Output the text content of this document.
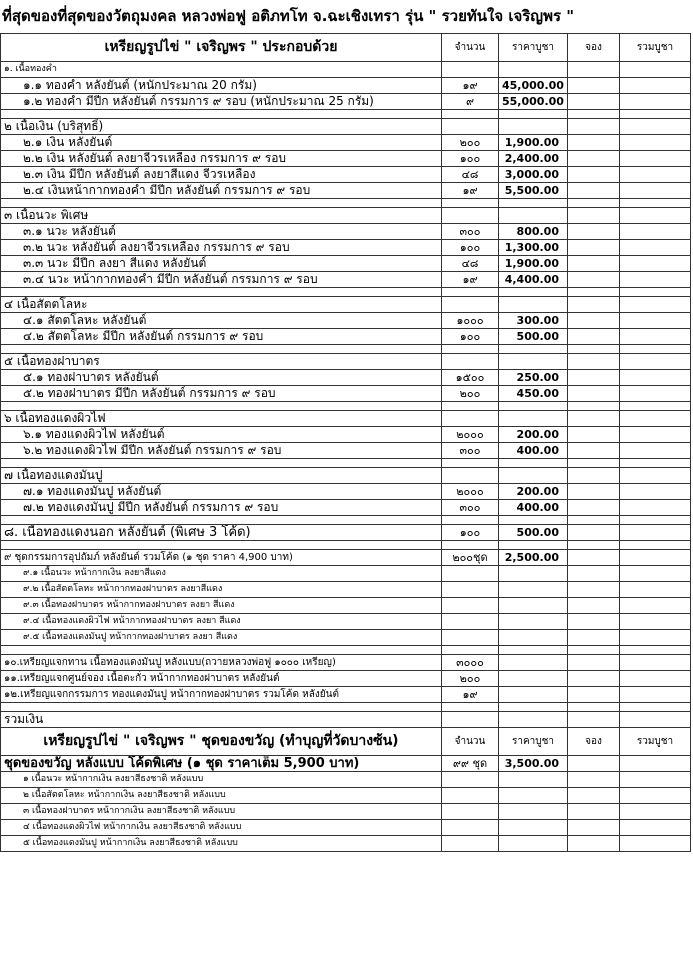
ที่สุดของที่สุดของวัตถุมงคล หลวงพ่อฟู อติภทโท จ.ฉะเชิงเทรา รุ่น " รวยทันใจ เจริญพร "
เหรียญรูปไข่ " เจริญพร " ประกอบด้วย	จำนวน	ราคาบูชา	จอง	รวมบูชา
๑. เนื้อทองคำ				
๑.๑ ทองคำ หลังยันต์ (หนักประมาณ 20 กรัม)	๑๙	45,000.00		
๑.๒ ทองคำ มีปีก หลังยันต์ กรรมการ ๙ รอบ (หนักประมาณ 25 กรัม)	๙	55,000.00		

๒ เนื้อเงิน (บริสุทธิ์)				
๒.๑ เงิน หลังยันต์	๒๐๐	1,900.00		
๒.๒ เงิน หลังยันต์ ลงยาจีวรเหลือง กรรมการ ๙ รอบ	๑๐๐	2,400.00		
๒.๓ เงิน มีปีก หลังยันต์ ลงยาสีแดง จีวรเหลือง	๔๘	3,000.00		
๒.๔ เงินหน้ากากทองคำ มีปีก หลังยันต์ กรรมการ ๙ รอบ	๑๙	5,500.00		

๓ เนื้อนวะ พิเศษ				
๓.๑ นวะ หลังยันต์	๓๐๐	800.00		
๓.๒ นวะ หลังยันต์ ลงยาจีวรเหลือง กรรมการ ๙ รอบ	๑๐๐	1,300.00		
๓.๓ นวะ มีปีก ลงยา สีแดง หลังยันต์	๔๘	1,900.00		
๓.๔ นวะ หน้ากากทองคำ มีปีก หลังยันต์ กรรมการ ๙ รอบ	๑๙	4,400.00		

๔ เนื้อสัตตโลหะ				
๔.๑ สัตตโลหะ หลังยันต์	๑๐๐๐	300.00		
๔.๒ สัตตโลหะ มีปีก หลังยันต์ กรรมการ ๙ รอบ	๑๐๐	500.00		

๕ เนื้อทองฝาบาตร				
๕.๑ ทองฝาบาตร หลังยันต์	๑๕๐๐	250.00		
๕.๒ ทองฝาบาตร มีปีก หลังยันต์ กรรมการ ๙ รอบ	๒๐๐	450.00		

๖ เนื้อทองแดงผิวไฟ				
๖.๑ ทองแดงผิวไฟ หลังยันต์	๒๐๐๐	200.00		
๖.๒ ทองแดงผิวไฟ มีปีก หลังยันต์ กรรมการ ๙ รอบ	๓๐๐	400.00		

๗ เนื้อทองแดงมันปู				
๗.๑ ทองแดงมันปู หลังยันต์	๒๐๐๐	200.00		
๗.๒ ทองแดงมันปู มีปีก หลังยันต์ กรรมการ ๙ รอบ	๓๐๐	400.00		

๘. เนื้อทองแดงนอก หลังยันต์ (พิเศษ 3 โค้ด)	๑๐๐	500.00		

๙ ชุดกรรมการอุปถัมภ์ หลังยันต์ รวมโค้ด (๑ ชุด ราคา 4,900 บาท)	๒๐๐ชุด	2,500.00		
๙.๑ เนื้อนวะ หน้ากากเงิน ลงยาสีแดง				
๙.๒ เนื้อสัตตโลหะ หน้ากากทองฝาบาตร ลงยาสีแดง				
๙.๓ เนื้อทองฝาบาตร หน้ากากทองฝาบาตร ลงยา สีแดง				
๙.๔ เนื้อทองแดงผิวไฟ หน้ากากทองฝาบาตร ลงยา สีแดง				
๙.๕ เนื้อทองแดงมันปู หน้ากากทองฝาบาตร ลงยา สีแดง				

๑๐.เหรียญแจกทาน เนื้อทองแดงมันปู หลังแบบ(ถวายหลวงพ่อฟู ๑๐๐๐ เหรียญ)	๓๐๐๐			
๑๑.เหรียญแจกศูนย์จอง เนื้อตะกั่ว หน้ากากทองฝาบาตร หลังยันต์	๒๐๐			
๑๒.เหรียญแจกกรรมการ ทองแดงมันปู หน้ากากทองฝาบาตร รวมโค้ด หลังยันต์	๑๙			

รวมเงิน				
เหรียญรูปไข่ " เจริญพร " ชุดของขวัญ (ทำบุญที่วัดบางซ้น)	จำนวน	ราคาบูชา	จอง	รวมบูชา
ชุดของขวัญ หลังแบบ โค้ดพิเศษ (๑ ชุด ราคาเต็ม 5,900 บาท)	๙๙ ชุด	3,500.00		
๑ เนื้อนวะ หน้ากากเงิน ลงยาสีธงชาติ หลังแบบ				
๒ เนื้อสัตตโลหะ หน้ากากเงิน ลงยาสีธงชาติ หลังแบบ				
๓ เนื้อทองฝาบาตร หน้ากากเงิน ลงยาสีธงชาติ หลังแบบ				
๔ เนื้อทองแดงผิวไฟ หน้ากากเงิน ลงยาสีธงชาติ หลังแบบ				
๕ เนื้อทองแดงมันปู หน้ากากเงิน ลงยาสีธงชาติ หลังแบบ				
